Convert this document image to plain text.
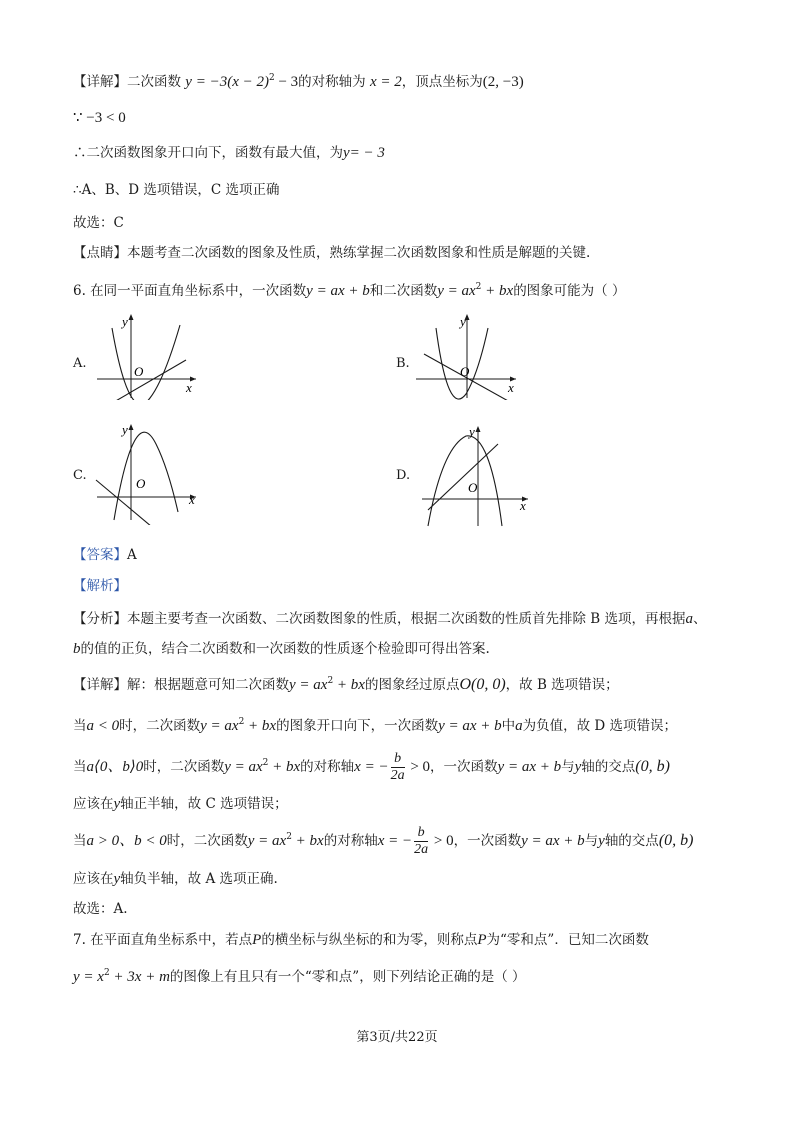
【详解】二次函数 $y = -3(x - 2)^2 - 3$的对称轴为 x = 2，顶点坐标为(2, −3)
∵ −3 < 0
∴二次函数图象开口向下，函数有最大值，为y= − 3
∴A、B、D 选项错误，C 选项正确
故选：C
【点睛】本题考查二次函数的图象及性质，熟练掌握二次函数图象和性质是解题的关键.
6. 在同一平面直角坐标系中，一次函数y = ax + b和二次函数$y = ax^2$ + bx的图象可能为（ ）
A.
y
O
x
B.
y
O
x
C.
y
O
x
D.
y
O
x
【答案】A
【解析】
【分析】本题主要考查一次函数、二次函数图象的性质，根据二次函数的性质首先排除 B 选项，再根据a、
b的值的正负，结合二次函数和一次函数的性质逐个检验即可得出答案.
【详解】解：根据题意可知二次函数$y = ax^2$ + bx的图象经过原点O(0, 0)，故 B 选项错误；
当a < 0时，二次函数$y = ax^2$ + bx的图象开口向下，一次函数y = ax + b中a为负值，故 D 选项错误；
当a⟨0、b⟩0时，二次函数$y = ax^2$ + bx的对称轴x = − $\frac{b}{2a} > 0$，一次函数y = ax + b与y轴的交点(0, b)
应该在y轴正半轴，故 C 选项错误；
当a > 0、b < 0时，二次函数$y = ax^2$ + bx的对称轴x = − $\frac{b}{2a} > 0$，一次函数y = ax + b与y轴的交点(0, b)
应该在y轴负半轴，故 A 选项正确.
故选：A.
7. 在平面直角坐标系中，若点P的横坐标与纵坐标的和为零，则称点P为“零和点”．已知二次函数
$y = x^2 + 3x + m$的图像上有且只有一个“零和点”，则下列结论正确的是（ ）
第3页/共22页
